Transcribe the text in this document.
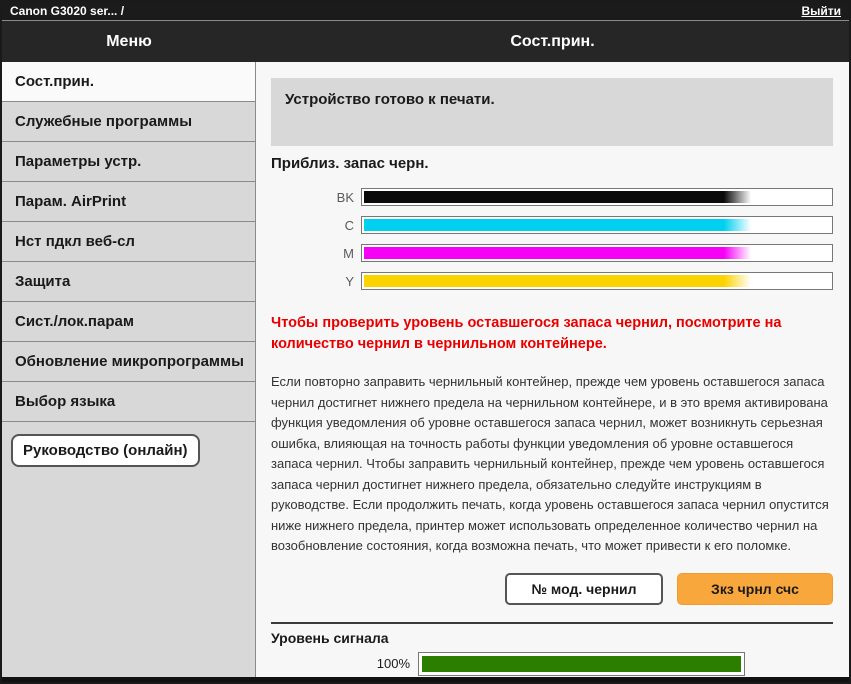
Canon G3020 ser... /	Выйти
Меню	Сост.прин.
Сост.прин.
Служебные программы
Параметры устр.
Парам. AirPrint
Нст пдкл веб-сл
Защита
Сист./лок.парам
Обновление микропрограммы
Выбор языка
Руководство (онлайн)
Устройство готово к печати.
Приблиз. запас черн.
BK
C
M
Y
Чтобы проверить уровень оставшегося запаса чернил, посмотрите на количество чернил в чернильном контейнере.
Если повторно заправить чернильный контейнер, прежде чем уровень оставшегося запаса чернил достигнет нижнего предела на чернильном контейнере, и в это время активирована функция уведомления об уровне оставшегося запаса чернил, может возникнуть серьезная ошибка, влияющая на точность работы функции уведомления об уровне оставшегося запаса чернил. Чтобы заправить чернильный контейнер, прежде чем уровень оставшегося запаса чернил достигнет нижнего предела, обязательно следуйте инструкциям в руководстве. Если продолжить печать, когда уровень оставшегося запаса чернил опустится ниже нижнего предела, принтер может использовать определенное количество чернил на возобновление состояния, когда возможна печать, что может привести к его поломке.
№ мод. чернил	Зкз чрнл счс
Уровень сигнала
100%
